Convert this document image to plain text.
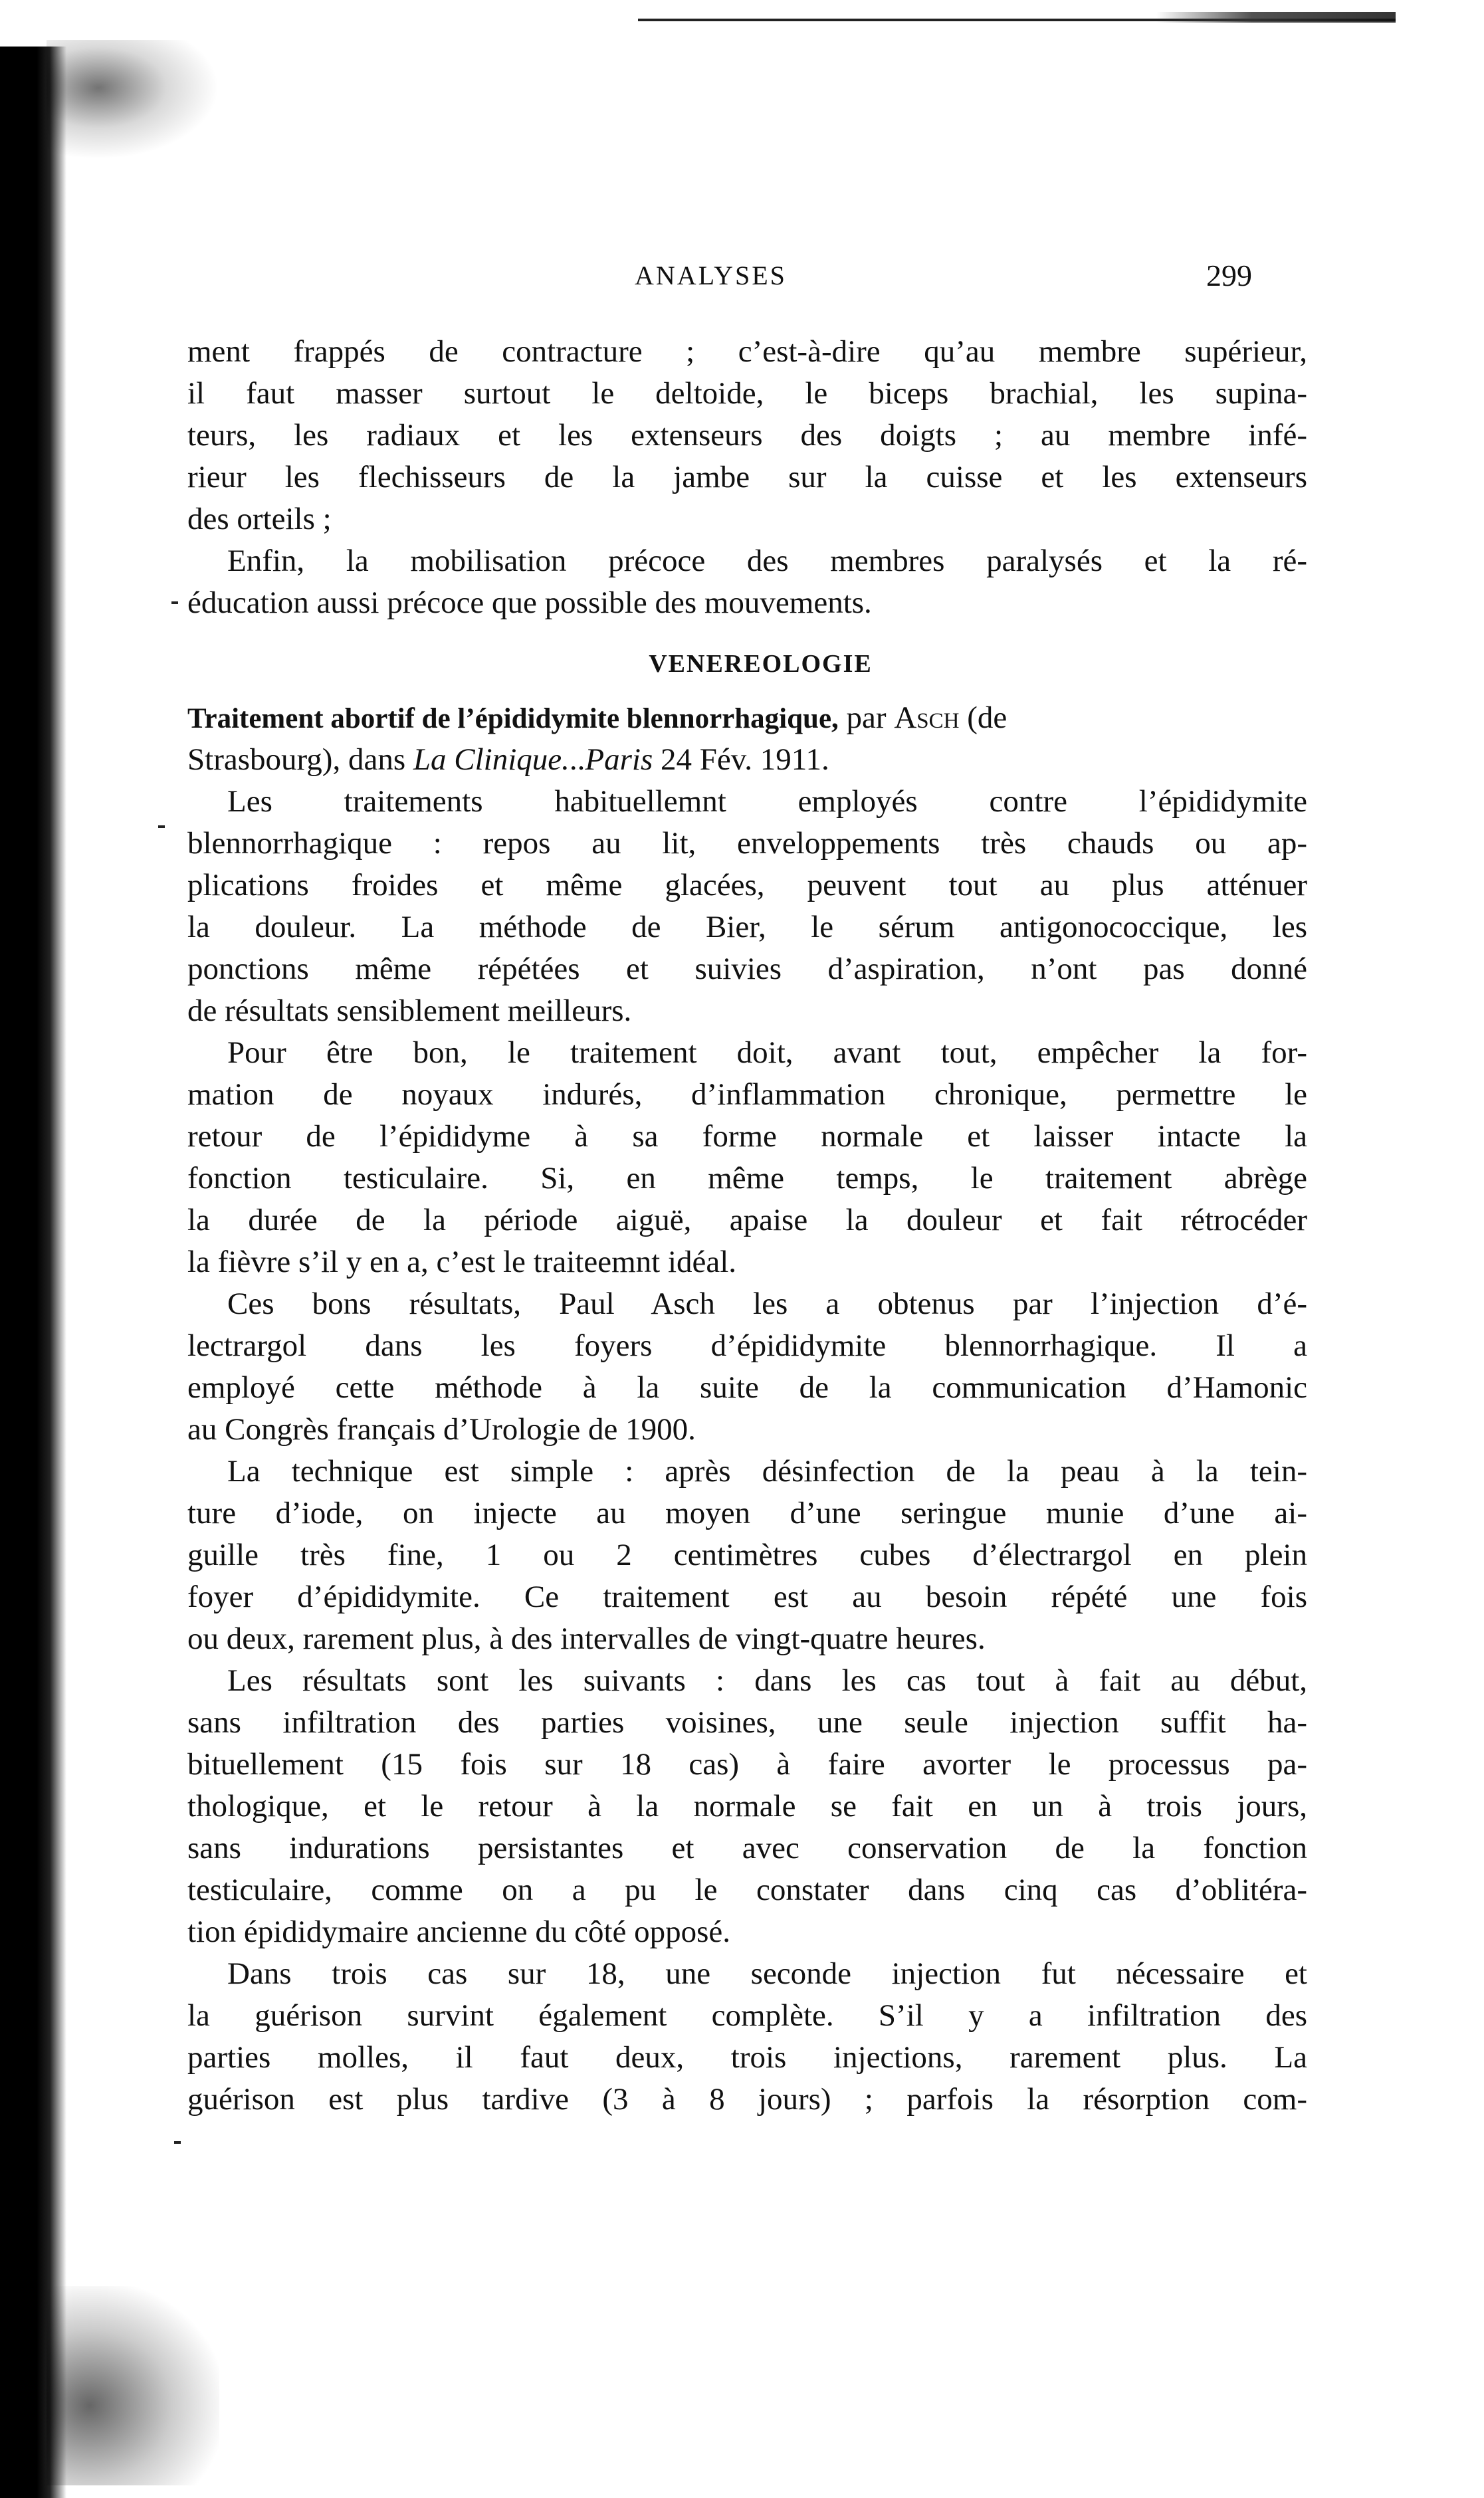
ANALYSES	299
ment frappés de contracture ; c’est-à-dire qu’au membre supérieur,
il faut masser surtout le deltoide, le biceps brachial, les supina-
teurs, les radiaux et les extenseurs des doigts ; au membre infé-
rieur les flechisseurs de la jambe sur la cuisse et les extenseurs
des orteils ;
Enfin, la mobilisation précoce des membres paralysés et la ré-
éducation aussi précoce que possible des mouvements.
VENEREOLOGIE
Traitement abortif de l’épididymite blennorrhagique, par Asch (de
Strasbourg), dans La Clinique...Paris 24 Fév. 1911.
Les traitements habituellemnt employés contre l’épididymite
blennorrhagique : repos au lit, enveloppements très chauds ou ap-
plications froides et même glacées, peuvent tout au plus atténuer
la douleur. La méthode de Bier, le sérum antigonococcique, les
ponctions même répétées et suivies d’aspiration, n’ont pas donné
de résultats sensiblement meilleurs.
Pour être bon, le traitement doit, avant tout, empêcher la for-
mation de noyaux indurés, d’inflammation chronique, permettre le
retour de l’épididyme à sa forme normale et laisser intacte la
fonction testiculaire. Si, en même temps, le traitement abrège
la durée de la période aiguë, apaise la douleur et fait rétrocéder
la fièvre s’il y en a, c’est le traiteemnt idéal.
Ces bons résultats, Paul Asch les a obtenus par l’injection d’é-
lectrargol dans les foyers d’épididymite blennorrhagique. Il a
employé cette méthode à la suite de la communication d’Hamonic
au Congrès français d’Urologie de 1900.
La technique est simple : après désinfection de la peau à la tein-
ture d’iode, on injecte au moyen d’une seringue munie d’une ai-
guille très fine, 1 ou 2 centimètres cubes d’électrargol en plein
foyer d’épididymite. Ce traitement est au besoin répété une fois
ou deux, rarement plus, à des intervalles de vingt-quatre heures.
Les résultats sont les suivants : dans les cas tout à fait au début,
sans infiltration des parties voisines, une seule injection suffit ha-
bituellement (15 fois sur 18 cas) à faire avorter le processus pa-
thologique, et le retour à la normale se fait en un à trois jours,
sans indurations persistantes et avec conservation de la fonction
testiculaire, comme on a pu le constater dans cinq cas d’oblitéra-
tion épididymaire ancienne du côté opposé.
Dans trois cas sur 18, une seconde injection fut nécessaire et
la guérison survint également complète. S’il y a infiltration des
parties molles, il faut deux, trois injections, rarement plus. La
guérison est plus tardive (3 à 8 jours) ; parfois la résorption com-
